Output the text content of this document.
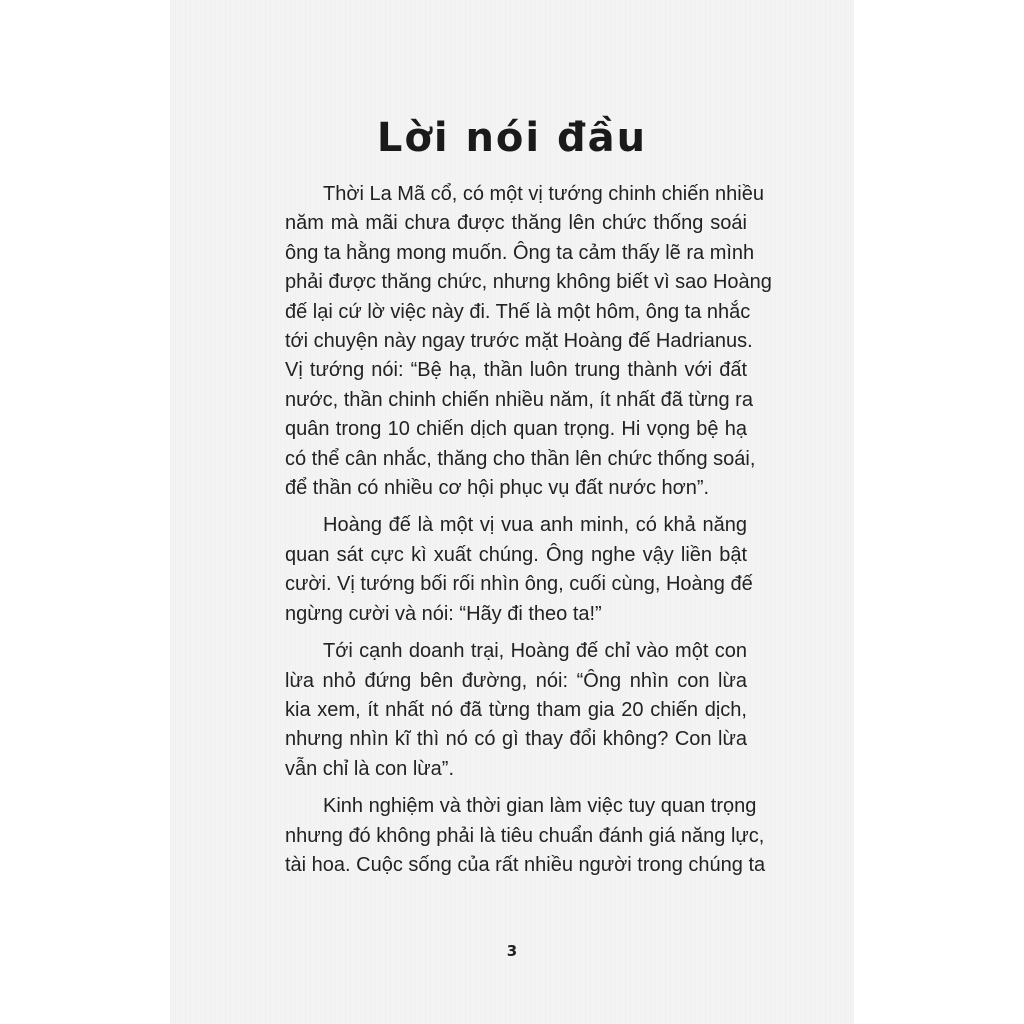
Lời nói đầu

Thời La Mã cổ, có một vị tướng chinh chiến nhiều
năm mà mãi chưa được thăng lên chức thống soái
ông ta hằng mong muốn. Ông ta cảm thấy lẽ ra mình
phải được thăng chức, nhưng không biết vì sao Hoàng
đế lại cứ lờ việc này đi. Thế là một hôm, ông ta nhắc
tới chuyện này ngay trước mặt Hoàng đế Hadrianus.
Vị tướng nói: “Bệ hạ, thần luôn trung thành với đất
nước, thần chinh chiến nhiều năm, ít nhất đã từng ra
quân trong 10 chiến dịch quan trọng. Hi vọng bệ hạ
có thể cân nhắc, thăng cho thần lên chức thống soái,
để thần có nhiều cơ hội phục vụ đất nước hơn”.

Hoàng đế là một vị vua anh minh, có khả năng
quan sát cực kì xuất chúng. Ông nghe vậy liền bật
cười. Vị tướng bối rối nhìn ông, cuối cùng, Hoàng đế
ngừng cười và nói: “Hãy đi theo ta!”

Tới cạnh doanh trại, Hoàng đế chỉ vào một con
lừa nhỏ đứng bên đường, nói: “Ông nhìn con lừa
kia xem, ít nhất nó đã từng tham gia 20 chiến dịch,
nhưng nhìn kĩ thì nó có gì thay đổi không? Con lừa
vẫn chỉ là con lừa”.

Kinh nghiệm và thời gian làm việc tuy quan trọng
nhưng đó không phải là tiêu chuẩn đánh giá năng lực,
tài hoa. Cuộc sống của rất nhiều người trong chúng ta

3
